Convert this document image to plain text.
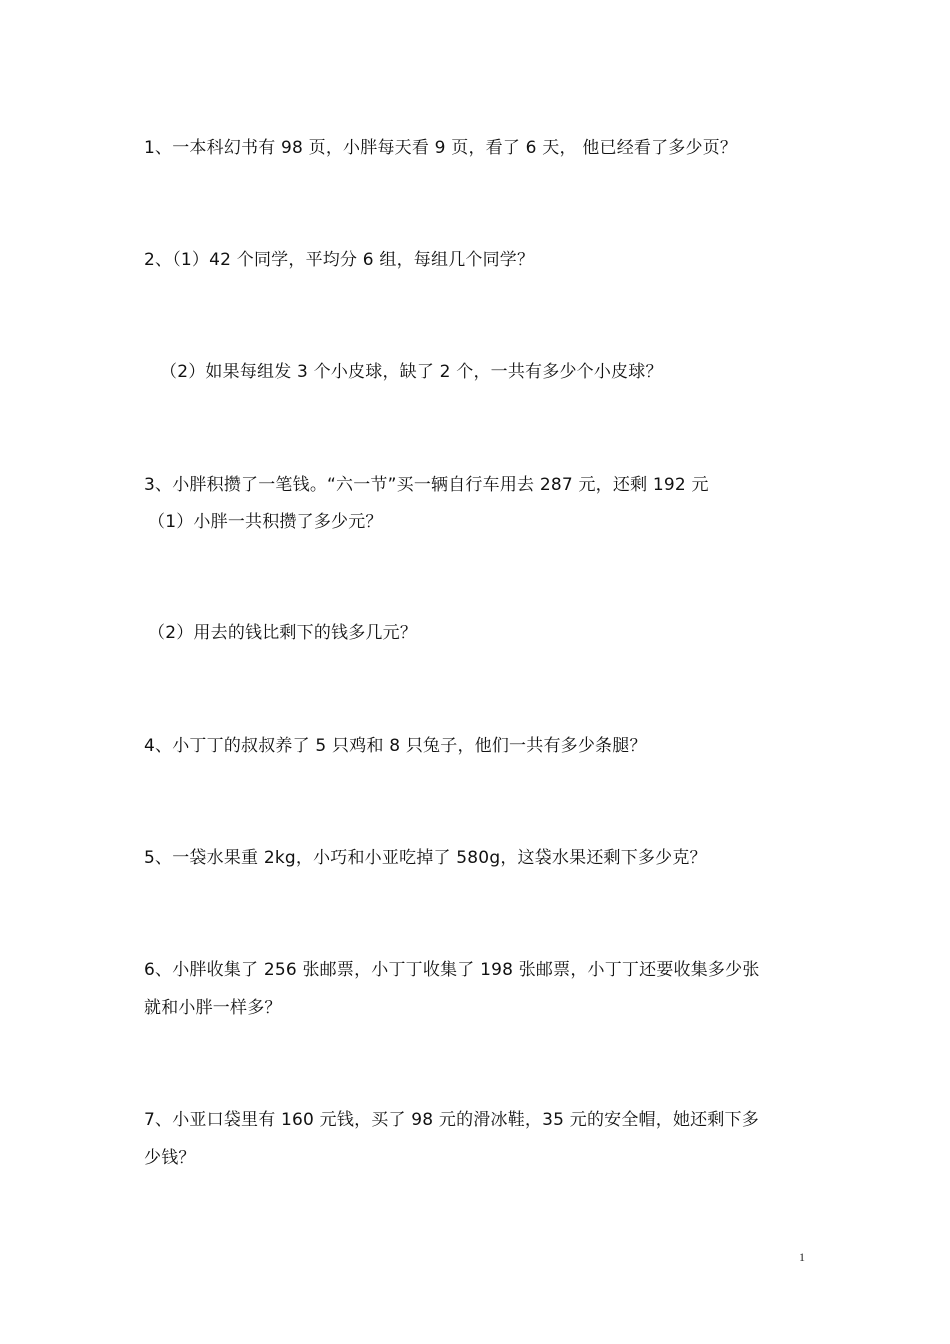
1、一本科幻书有 98 页，小胖每天看 9 页，看了 6 天， 他已经看了多少页？
2、（1）42 个同学，平均分 6 组，每组几个同学？
（2）如果每组发 3 个小皮球，缺了 2 个，一共有多少个小皮球？
3、小胖积攒了一笔钱。“六一节”买一辆自行车用去 287 元，还剩 192 元
（1）小胖一共积攒了多少元？
（2）用去的钱比剩下的钱多几元？
4、小丁丁的叔叔养了 5 只鸡和 8 只兔子，他们一共有多少条腿？
5、一袋水果重 2kg，小巧和小亚吃掉了 580g，这袋水果还剩下多少克？
6、小胖收集了 256 张邮票，小丁丁收集了 198 张邮票，小丁丁还要收集多少张
就和小胖一样多？
7、小亚口袋里有 160 元钱，买了 98 元的滑冰鞋，35 元的安全帽，她还剩下多
少钱？
1
